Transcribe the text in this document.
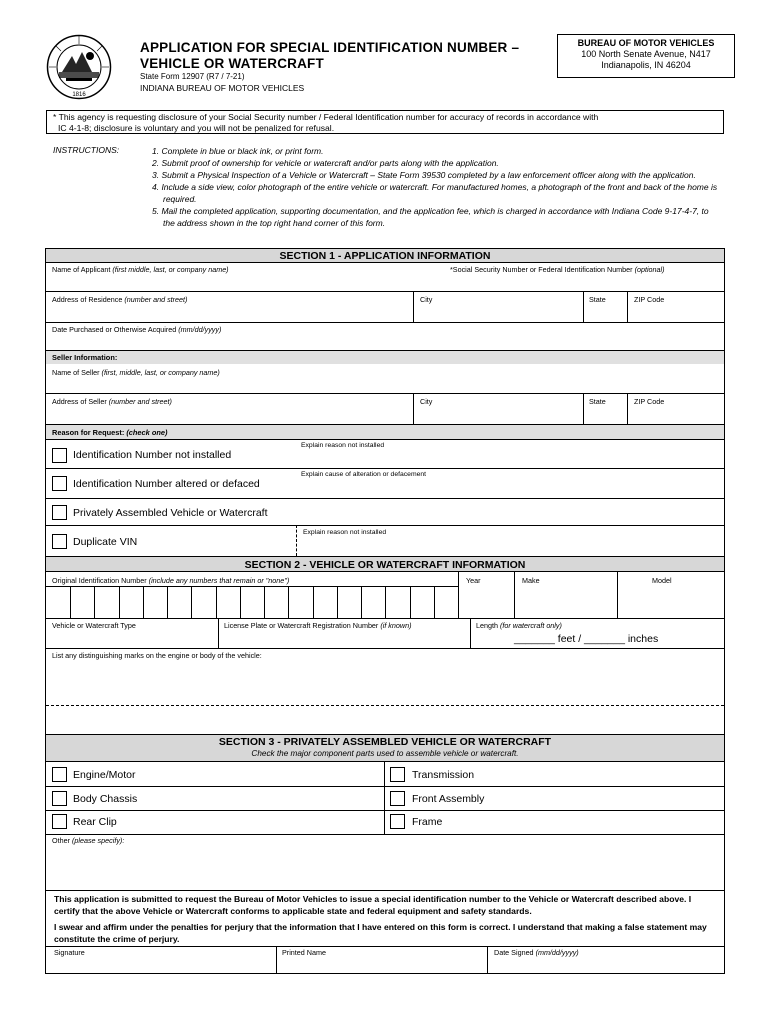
1816
APPLICATION FOR SPECIAL IDENTIFICATION NUMBER –
VEHICLE OR WATERCRAFT
State Form 12907 (R7 / 7-21)
INDIANA BUREAU OF MOTOR VEHICLES
BUREAU OF MOTOR VEHICLES
100 North Senate Avenue, N417
Indianapolis, IN 46204
* This agency is requesting disclosure of your Social Security number / Federal Identification number for accuracy of records in accordance with
IC 4-1-8; disclosure is voluntary and you will not be penalized for refusal.
INSTRUCTIONS:	1. Complete in blue or black ink, or print form.
2. Submit proof of ownership for vehicle or watercraft and/or parts along with the application.
3. Submit a Physical Inspection of a Vehicle or Watercraft – State Form 39530 completed by a law enforcement officer along with the application.
4. Include a side view, color photograph of the entire vehicle or watercraft. For manufactured homes, a photograph of the front and back of the home is required.
5. Mail the completed application, supporting documentation, and the application fee, which is charged in accordance with Indiana Code 9-17-4-7, to the address shown in the top right hand corner of this form.
SECTION 1 - APPLICATION INFORMATION
Name of Applicant (first middle, last, or company name)	*Social Security Number or Federal Identification Number (optional)
Address of Residence (number and street)	City	State	ZIP Code
Date Purchased or Otherwise Acquired (mm/dd/yyyy)
Seller Information:
Name of Seller (first, middle, last, or company name)
Address of Seller (number and street)	City	State	ZIP Code
Reason for Request: (check one)
Explain reason not installed
Identification Number not installed
Explain cause of alteration or defacement
Identification Number altered or defaced
Privately Assembled Vehicle or Watercraft
Explain reason not installed
Duplicate VIN
SECTION 2 - VEHICLE OR WATERCRAFT INFORMATION
Original Identification Number (include any numbers that remain or "none")	Year	Make	Model
Vehicle or Watercraft Type	License Plate or Watercraft Registration Number (if known)	Length (for watercraft only)
_______ feet / _______ inches
List any distinguishing marks on the engine or body of the vehicle:
SECTION 3 - PRIVATELY ASSEMBLED VEHICLE OR WATERCRAFT
Check the major component parts used to assemble vehicle or watercraft.
Engine/Motor	Transmission
Body Chassis	Front Assembly
Rear Clip	Frame
Other (please specify):
This application is submitted to request the Bureau of Motor Vehicles to issue a special identification number to the Vehicle or Watercraft described above. I certify that the above Vehicle or Watercraft conforms to applicable state and federal equipment and safety standards.
I swear and affirm under the penalties for perjury that the information that I have entered on this form is correct. I understand that making a false statement may constitute the crime of perjury.
Signature	Printed Name	Date Signed (mm/dd/yyyy)
